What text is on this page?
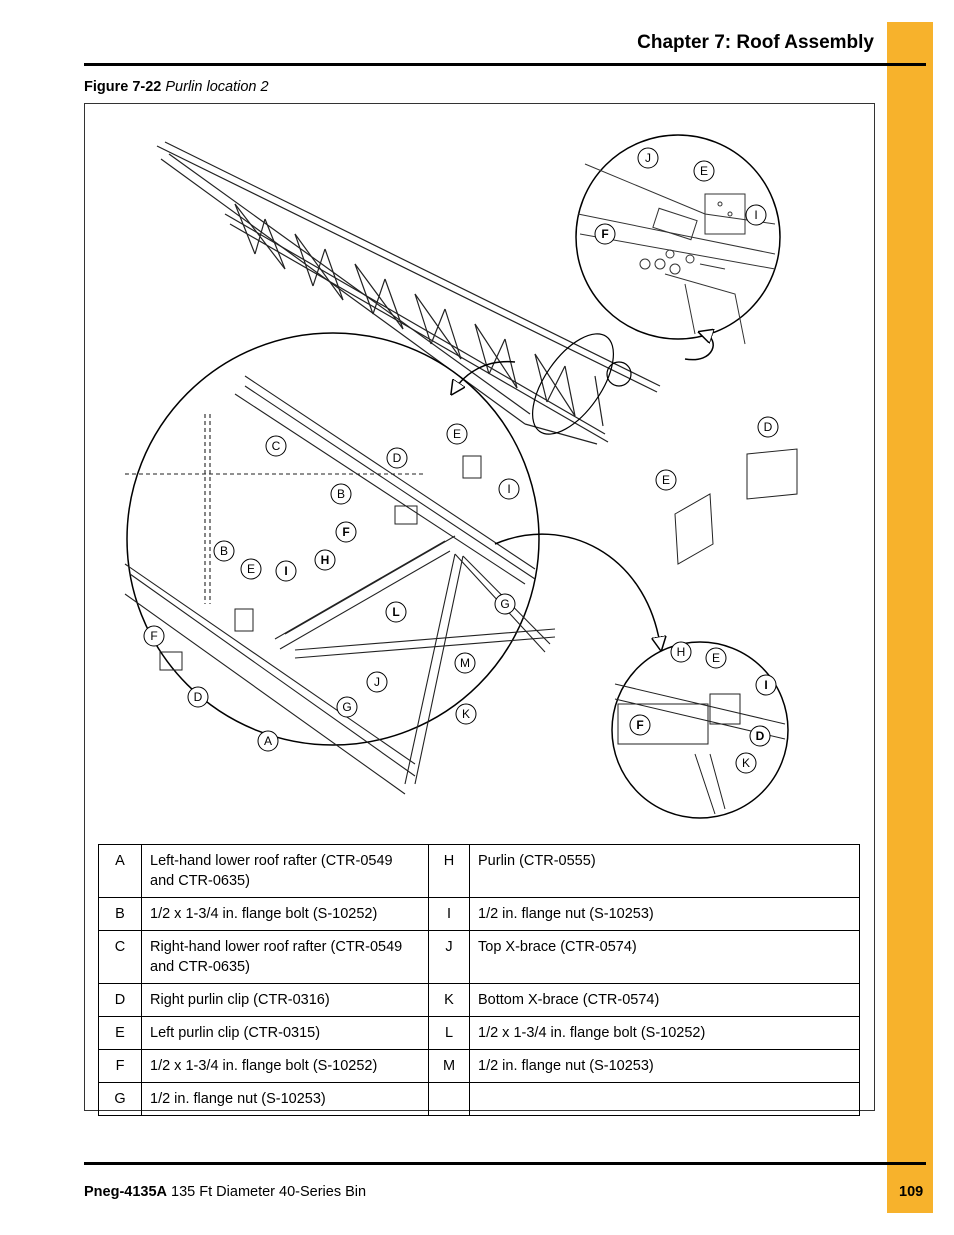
Chapter 7: Roof Assembly
Figure 7-22 Purlin location 2
J
E
I
F
C
D
E
I
B
F
B
E I
H
G
L
F
M
J
D
G	K
A
D
E
H E
I
F
D
K
A	Left-hand lower roof rafter (CTR-0549 and CTR-0635)	H	Purlin (CTR-0555)
B	1/2 x 1-3/4 in. flange bolt (S-10252)	I	1/2 in. flange nut (S-10253)
C	Right-hand lower roof rafter (CTR-0549 and CTR-0635)	J	Top X-brace (CTR-0574)
D	Right purlin clip (CTR-0316)	K	Bottom X-brace (CTR-0574)
E	Left purlin clip (CTR-0315)	L	1/2 x 1-3/4 in. flange bolt (S-10252)
F	1/2 x 1-3/4 in. flange bolt (S-10252)	M	1/2 in. flange nut (S-10253)
G	1/2 in. flange nut (S-10253)		
Pneg-4135A 135 Ft Diameter 40-Series Bin	109
